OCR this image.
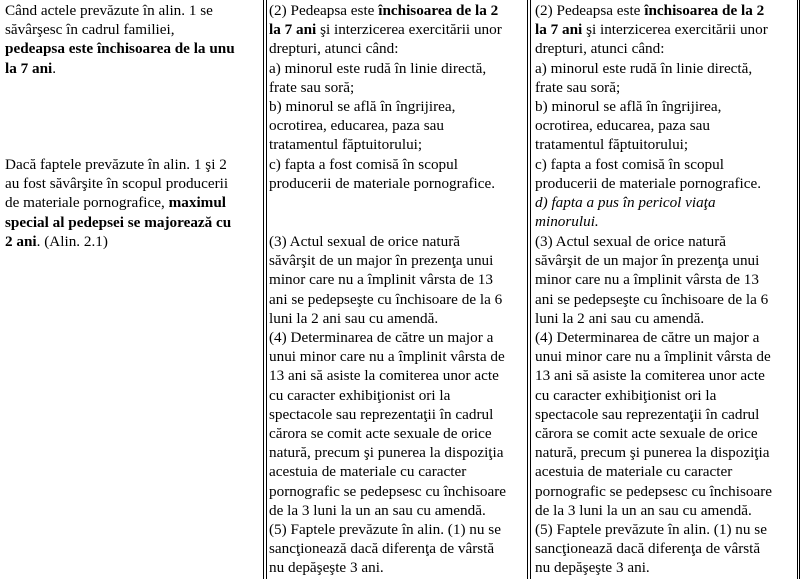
Când actele prevăzute în alin. 1 se
săvârşesc în cadrul familiei,
pedeapsa este închisoarea de la unu
la 7 ani.
Dacă faptele prevăzute în alin. 1 şi 2
au fost săvârşite în scopul producerii
de materiale pornografice, maximul
special al pedepsei se majorează cu
2 ani. (Alin. 2.1)
(2) Pedeapsa este închisoarea de la 2
la 7 ani şi interzicerea exercitării unor
drepturi, atunci când:
a) minorul este rudă în linie directă,
frate sau soră;
b) minorul se află în îngrijirea,
ocrotirea, educarea, paza sau
tratamentul făptuitorului;
c) fapta a fost comisă în scopul
producerii de materiale pornografice.
(3) Actul sexual de orice natură
săvârşit de un major în prezenţa unui
minor care nu a împlinit vârsta de 13
ani se pedepseşte cu închisoare de la 6
luni la 2 ani sau cu amendă.
(4) Determinarea de către un major a
unui minor care nu a împlinit vârsta de
13 ani să asiste la comiterea unor acte
cu caracter exhibiţionist ori la
spectacole sau reprezentaţii în cadrul
cărora se comit acte sexuale de orice
natură, precum şi punerea la dispoziţia
acestuia de materiale cu caracter
pornografic se pedepsesc cu închisoare
de la 3 luni la un an sau cu amendă.
(5) Faptele prevăzute în alin. (1) nu se
sancţionează dacă diferenţa de vârstă
nu depăşeşte 3 ani.
(2) Pedeapsa este închisoarea de la 2
la 7 ani şi interzicerea exercitării unor
drepturi, atunci când:
a) minorul este rudă în linie directă,
frate sau soră;
b) minorul se află în îngrijirea,
ocrotirea, educarea, paza sau
tratamentul făptuitorului;
c) fapta a fost comisă în scopul
producerii de materiale pornografice.
d) fapta a pus în pericol viaţa
minorului.
(3) Actul sexual de orice natură
săvârşit de un major în prezenţa unui
minor care nu a împlinit vârsta de 13
ani se pedepseşte cu închisoare de la 6
luni la 2 ani sau cu amendă.
(4) Determinarea de către un major a
unui minor care nu a împlinit vârsta de
13 ani să asiste la comiterea unor acte
cu caracter exhibiţionist ori la
spectacole sau reprezentaţii în cadrul
cărora se comit acte sexuale de orice
natură, precum şi punerea la dispoziţia
acestuia de materiale cu caracter
pornografic se pedepsesc cu închisoare
de la 3 luni la un an sau cu amendă.
(5) Faptele prevăzute în alin. (1) nu se
sancţionează dacă diferenţa de vârstă
nu depăşeşte 3 ani.
